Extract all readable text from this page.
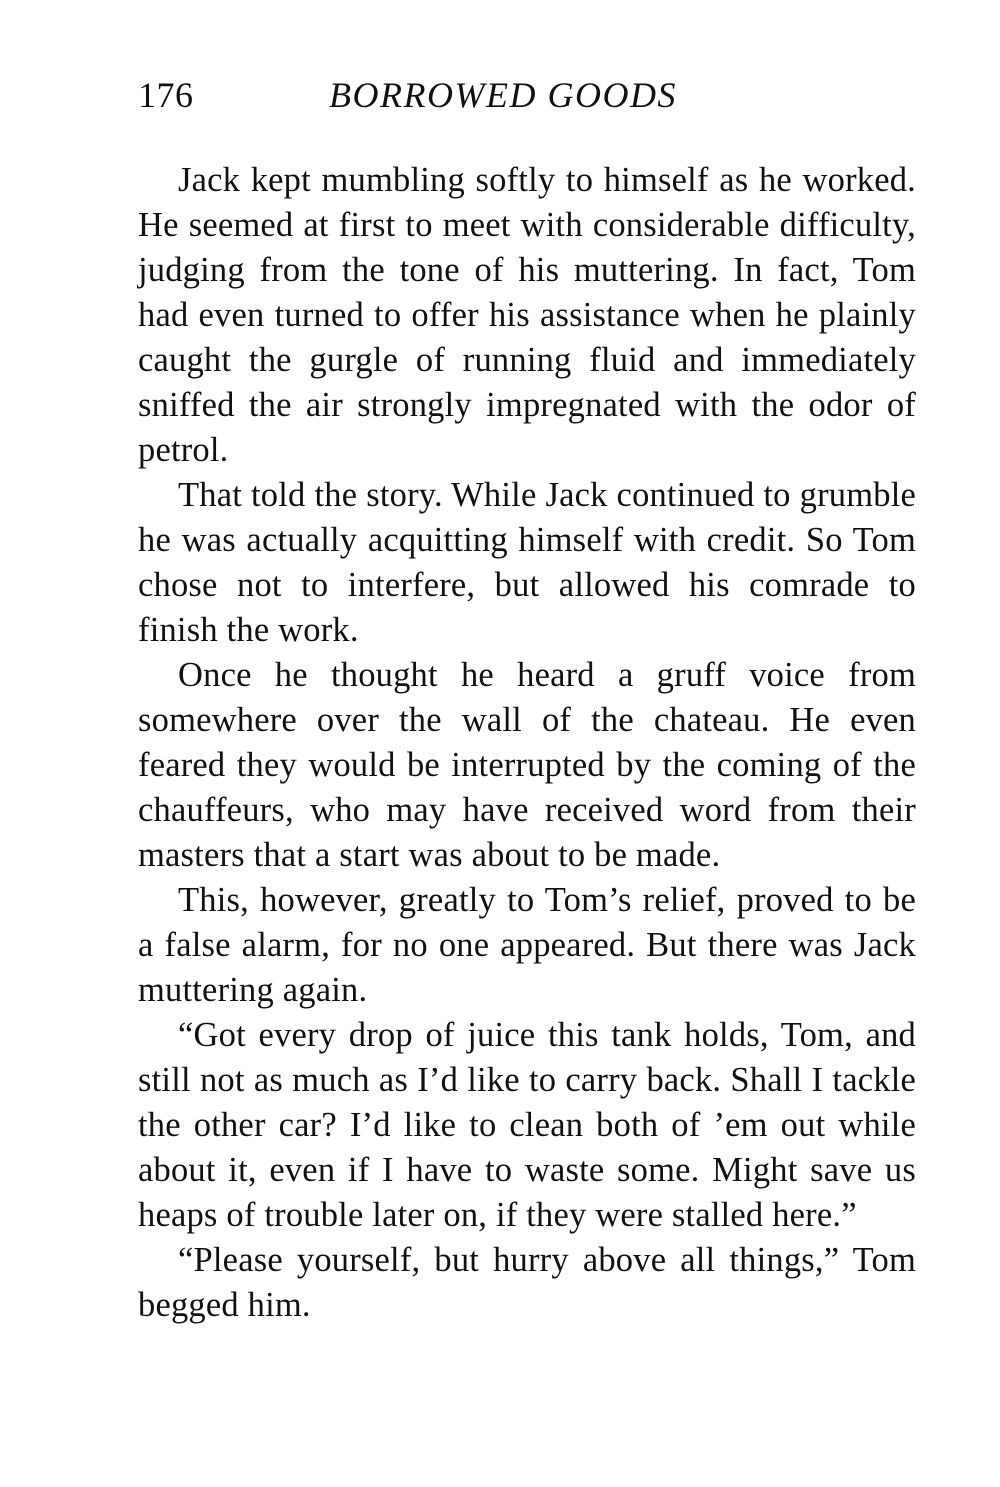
176	BORROWED GOODS

Jack kept mumbling softly to himself as he worked. He seemed at first to meet with considerable difficulty, judging from the tone of his muttering. In fact, Tom had even turned to offer his assistance when he plainly caught the gurgle of running fluid and immediately sniffed the air strongly impregnated with the odor of petrol.

That told the story. While Jack continued to grumble he was actually acquitting himself with credit. So Tom chose not to interfere, but allowed his comrade to finish the work.

Once he thought he heard a gruff voice from somewhere over the wall of the chateau. He even feared they would be interrupted by the coming of the chauffeurs, who may have received word from their masters that a start was about to be made.

This, however, greatly to Tom’s relief, proved to be a false alarm, for no one appeared. But there was Jack muttering again.

“Got every drop of juice this tank holds, Tom, and still not as much as I’d like to carry back. Shall I tackle the other car? I’d like to clean both of ’em out while about it, even if I have to waste some. Might save us heaps of trouble later on, if they were stalled here.”

“Please yourself, but hurry above all things,” Tom begged him.
